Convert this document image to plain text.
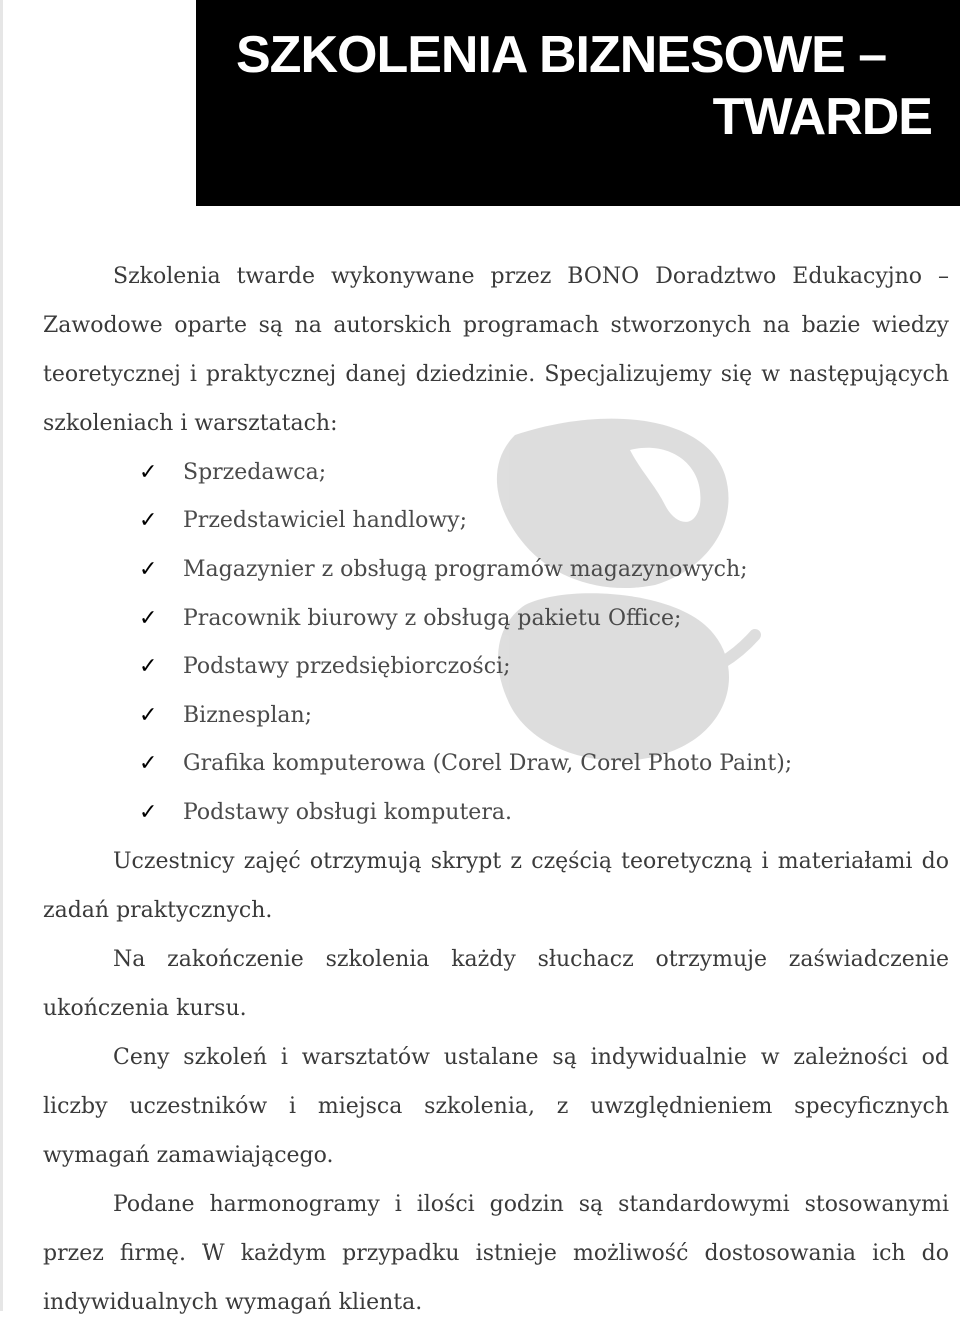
SZKOLENIA BIZNESOWE –
TWARDE

Szkolenia twarde wykonywane przez BONO Doradztwo Edukacyjno – Zawodowe oparte są na autorskich programach stworzonych na bazie wiedzy teoretycznej i praktycznej danej dziedzinie. Specjalizujemy się w następujących szkoleniach i warsztatach:

✓ Sprzedawca;
✓ Przedstawiciel handlowy;
✓ Magazynier z obsługą programów magazynowych;
✓ Pracownik biurowy z obsługą pakietu Office;
✓ Podstawy przedsiębiorczości;
✓ Biznesplan;
✓ Grafika komputerowa (Corel Draw, Corel Photo Paint);
✓ Podstawy obsługi komputera.

Uczestnicy zajęć otrzymują skrypt z częścią teoretyczną i materiałami do zadań praktycznych.

Na zakończenie szkolenia każdy słuchacz otrzymuje zaświadczenie ukończenia kursu.

Ceny szkoleń i warsztatów ustalane są indywidualnie w zależności od liczby uczestników i miejsca szkolenia, z uwzględnieniem specyficznych wymagań zamawiającego.

Podane harmonogramy i ilości godzin są standardowymi stosowanymi przez firmę. W każdym przypadku istnieje możliwość dostosowania ich do indywidualnych wymagań klienta.
